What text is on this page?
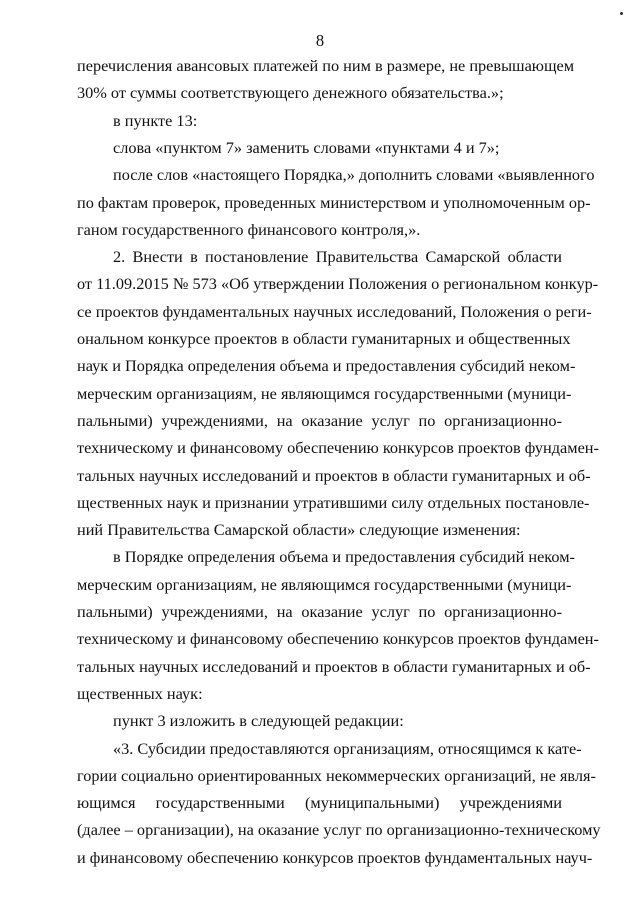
8
перечисления авансовых платежей по ним в размере, не превышающем
30% от суммы соответствующего денежного обязательства.»;
в пункте 13:
слова «пунктом 7» заменить словами «пунктами 4 и 7»;
после слов «настоящего Порядка,» дополнить словами «выявленного
по фактам проверок, проведенных министерством и уполномоченным ор-
ганом государственного финансового контроля,».
2. Внести в постановление Правительства Самарской области
от 11.09.2015 № 573 «Об утверждении Положения о региональном конкур-
се проектов фундаментальных научных исследований, Положения о реги-
ональном конкурсе проектов в области гуманитарных и общественных
наук и Порядка определения объема и предоставления субсидий неком-
мерческим организациям, не являющимся государственными (муници-
пальными) учреждениями, на оказание услуг по организационно-
техническому и финансовому обеспечению конкурсов проектов фундамен-
тальных научных исследований и проектов в области гуманитарных и об-
щественных наук и признании утратившими силу отдельных постановле-
ний Правительства Самарской области» следующие изменения:
в Порядке определения объема и предоставления субсидий неком-
мерческим организациям, не являющимся государственными (муници-
пальными) учреждениями, на оказание услуг по организационно-
техническому и финансовому обеспечению конкурсов проектов фундамен-
тальных научных исследований и проектов в области гуманитарных и об-
щественных наук:
пункт 3 изложить в следующей редакции:
«3. Субсидии предоставляются организациям, относящимся к кате-
гории социально ориентированных некоммерческих организаций, не явля-
ющимся государственными (муниципальными) учреждениями
(далее – организации), на оказание услуг по организационно-техническому
и финансовому обеспечению конкурсов проектов фундаментальных науч-
